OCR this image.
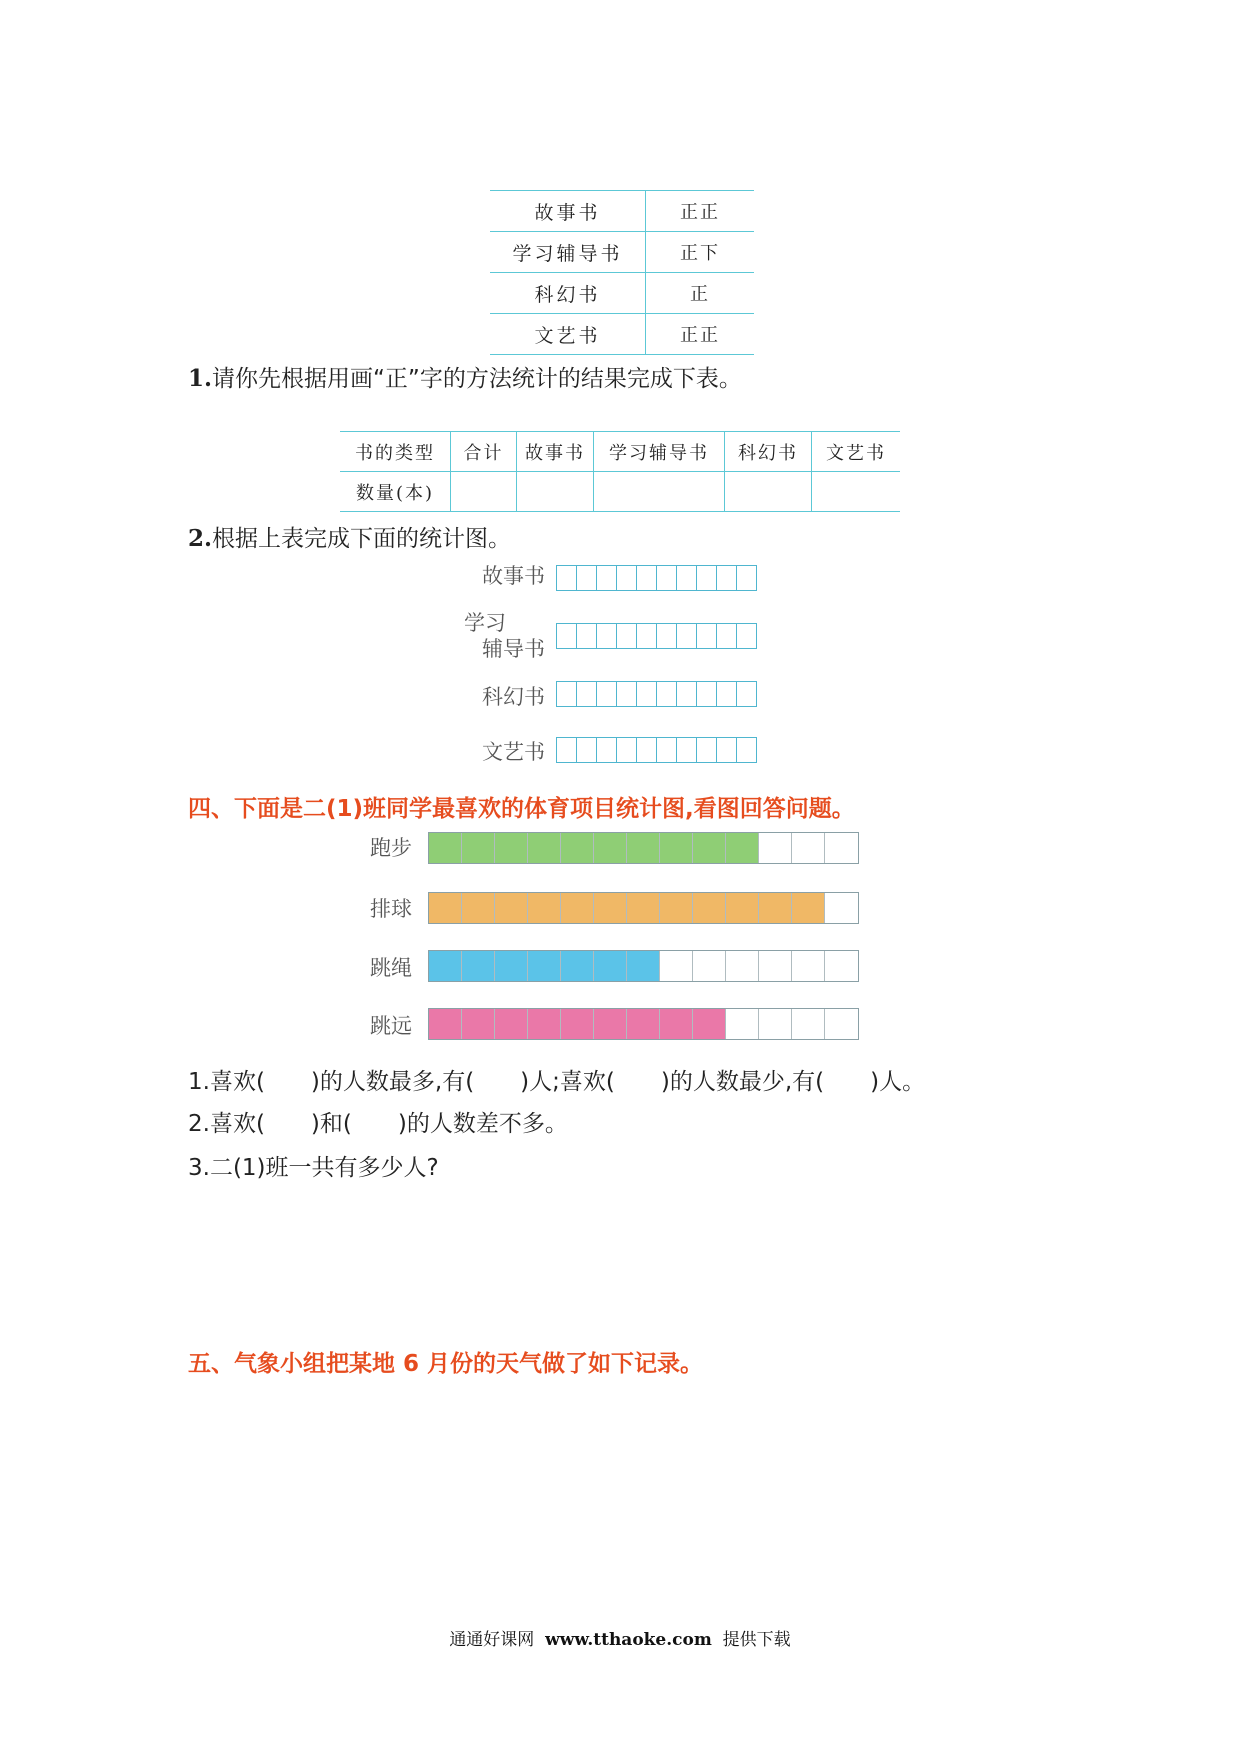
故事书	正正
学习辅导书	正下
科幻书	正
文艺书	正正
1.请你先根据用画“正”字的方法统计的结果完成下表。
书的类型	合计	故事书	学习辅导书	科幻书	文艺书
数量(本)					
2.根据上表完成下面的统计图。
故事书
学习
辅导书
科幻书
文艺书
四、下面是二(1)班同学最喜欢的体育项目统计图,看图回答问题。
跑步
排球
跳绳
跳远
1.喜欢(　　)的人数最多,有(　　)人;喜欢(　　)的人数最少,有(　　)人。
2.喜欢(　　)和(　　)的人数差不多。
3.二(1)班一共有多少人?
五、气象小组把某地 6 月份的天气做了如下记录。
通通好课网 www.tthaoke.com 提供下载
